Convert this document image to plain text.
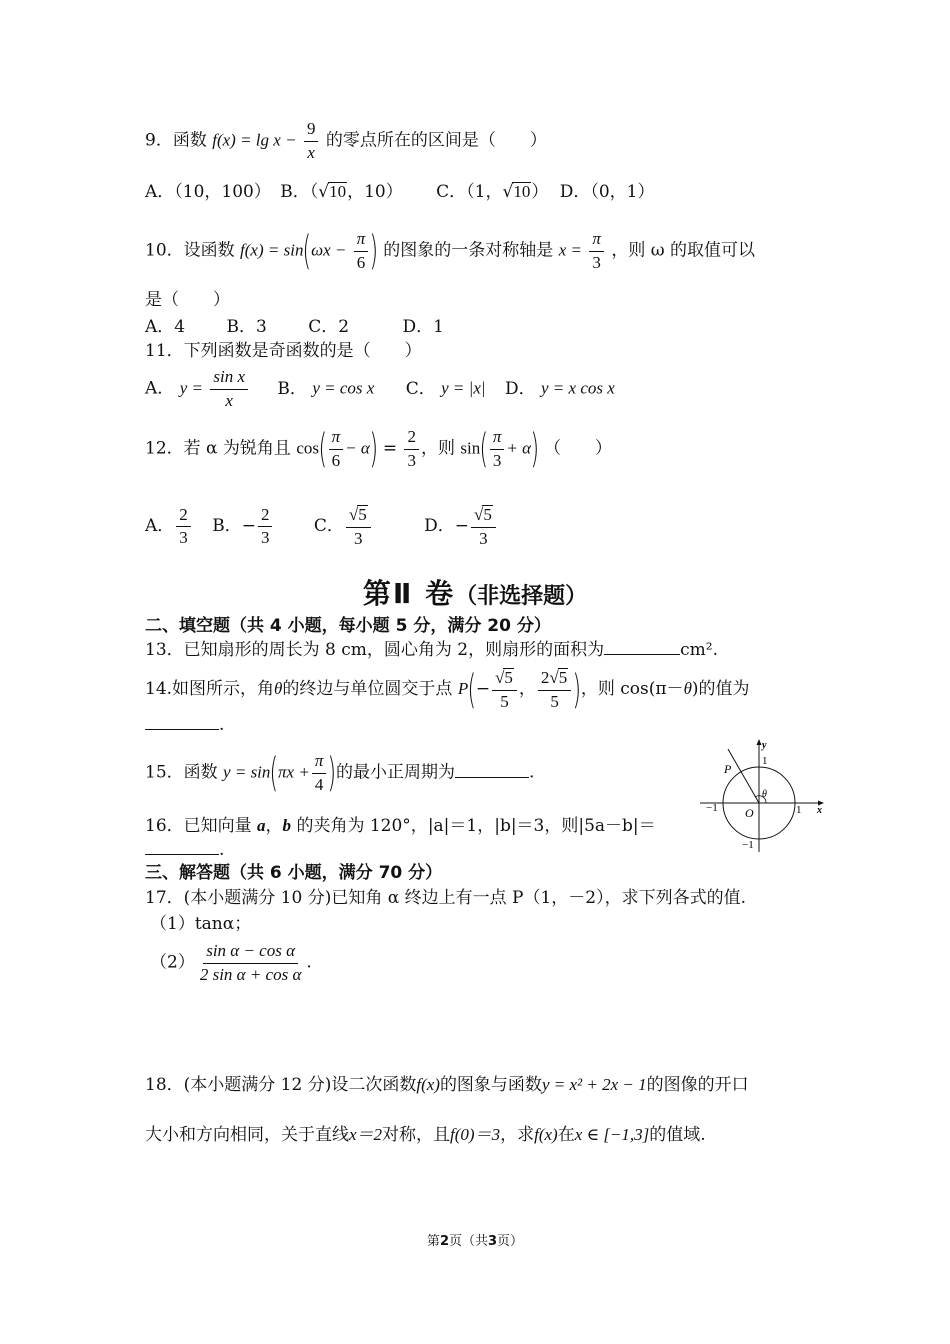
9．函数 $f(x) = \lg x - \frac{9}{x}$ 的零点所在的区间是（　　）
A．（10，100） B．（√10，10） C．（1，√10） D．（0，1）
10．设函数 $f(x) = \sin(\omega x - \frac{\pi}{6}$ ) 的图象的一条对称轴是 $x = \frac{\pi}{3}$ ，则 ω 的取值可以
是（　　）
A．4 B．3 C．2	D．1
11．下列函数是奇函数的是（　　）
A． $y = \frac{\text{sin x}}{x}$ B． y = cos x C． y = |x| D． y = x cos x
12．若 α 为锐角且 $\cos( \frac{\pi}{6} - \alpha) = \frac{2}{3}$ ，则 $\sin( \frac{\pi}{3} + \alpha)$ （　　）
A． $\frac{2}{3}$ B．− $\frac{2}{3}$ C． $\frac{√5}{3}$	D．− $\frac{√5}{3}$
第Ⅱ 卷（非选择题）
二、填空题（共 4 小题，每小题 5 分，满分 20 分）
13．已知扇形的周长为 8 cm，圆心角为 2，则扇形的面积为	cm².
14.如图所示，角θ的终边与单位圆交于点 $P(- \frac{√5}{5}$ ， $\frac{2√5}{5}$ )，则 cos(π－θ)的值为
.
15．函数 $y = \sin(\pi x + \frac{\pi}{4}$ )的最小正周期为	.
16．已知向量 a，b 的夹角为 120°，|a|＝1，|b|＝3，则|5a－b|＝
.
P
O
θ
x
y
1
−1	1
−1
三、解答题（共 6 小题，满分 70 分）
17．(本小题满分 10 分)已知角 α 终边上有一点 P（1，－2），求下列各式的值.
（1）tanα；
$(2) \frac{\text{sin α − cos α}}{\text{2 sin α + cos α}}$ .
18．(本小题满分 12 分)设二次函数f(x)的图象与函数y = x² + 2x − 1的图像的开口
大小和方向相同，关于直线x＝2对称，且f(0)＝3，求f(x)在x ∈ [−1,3]的值域.
第2页（共3页）
